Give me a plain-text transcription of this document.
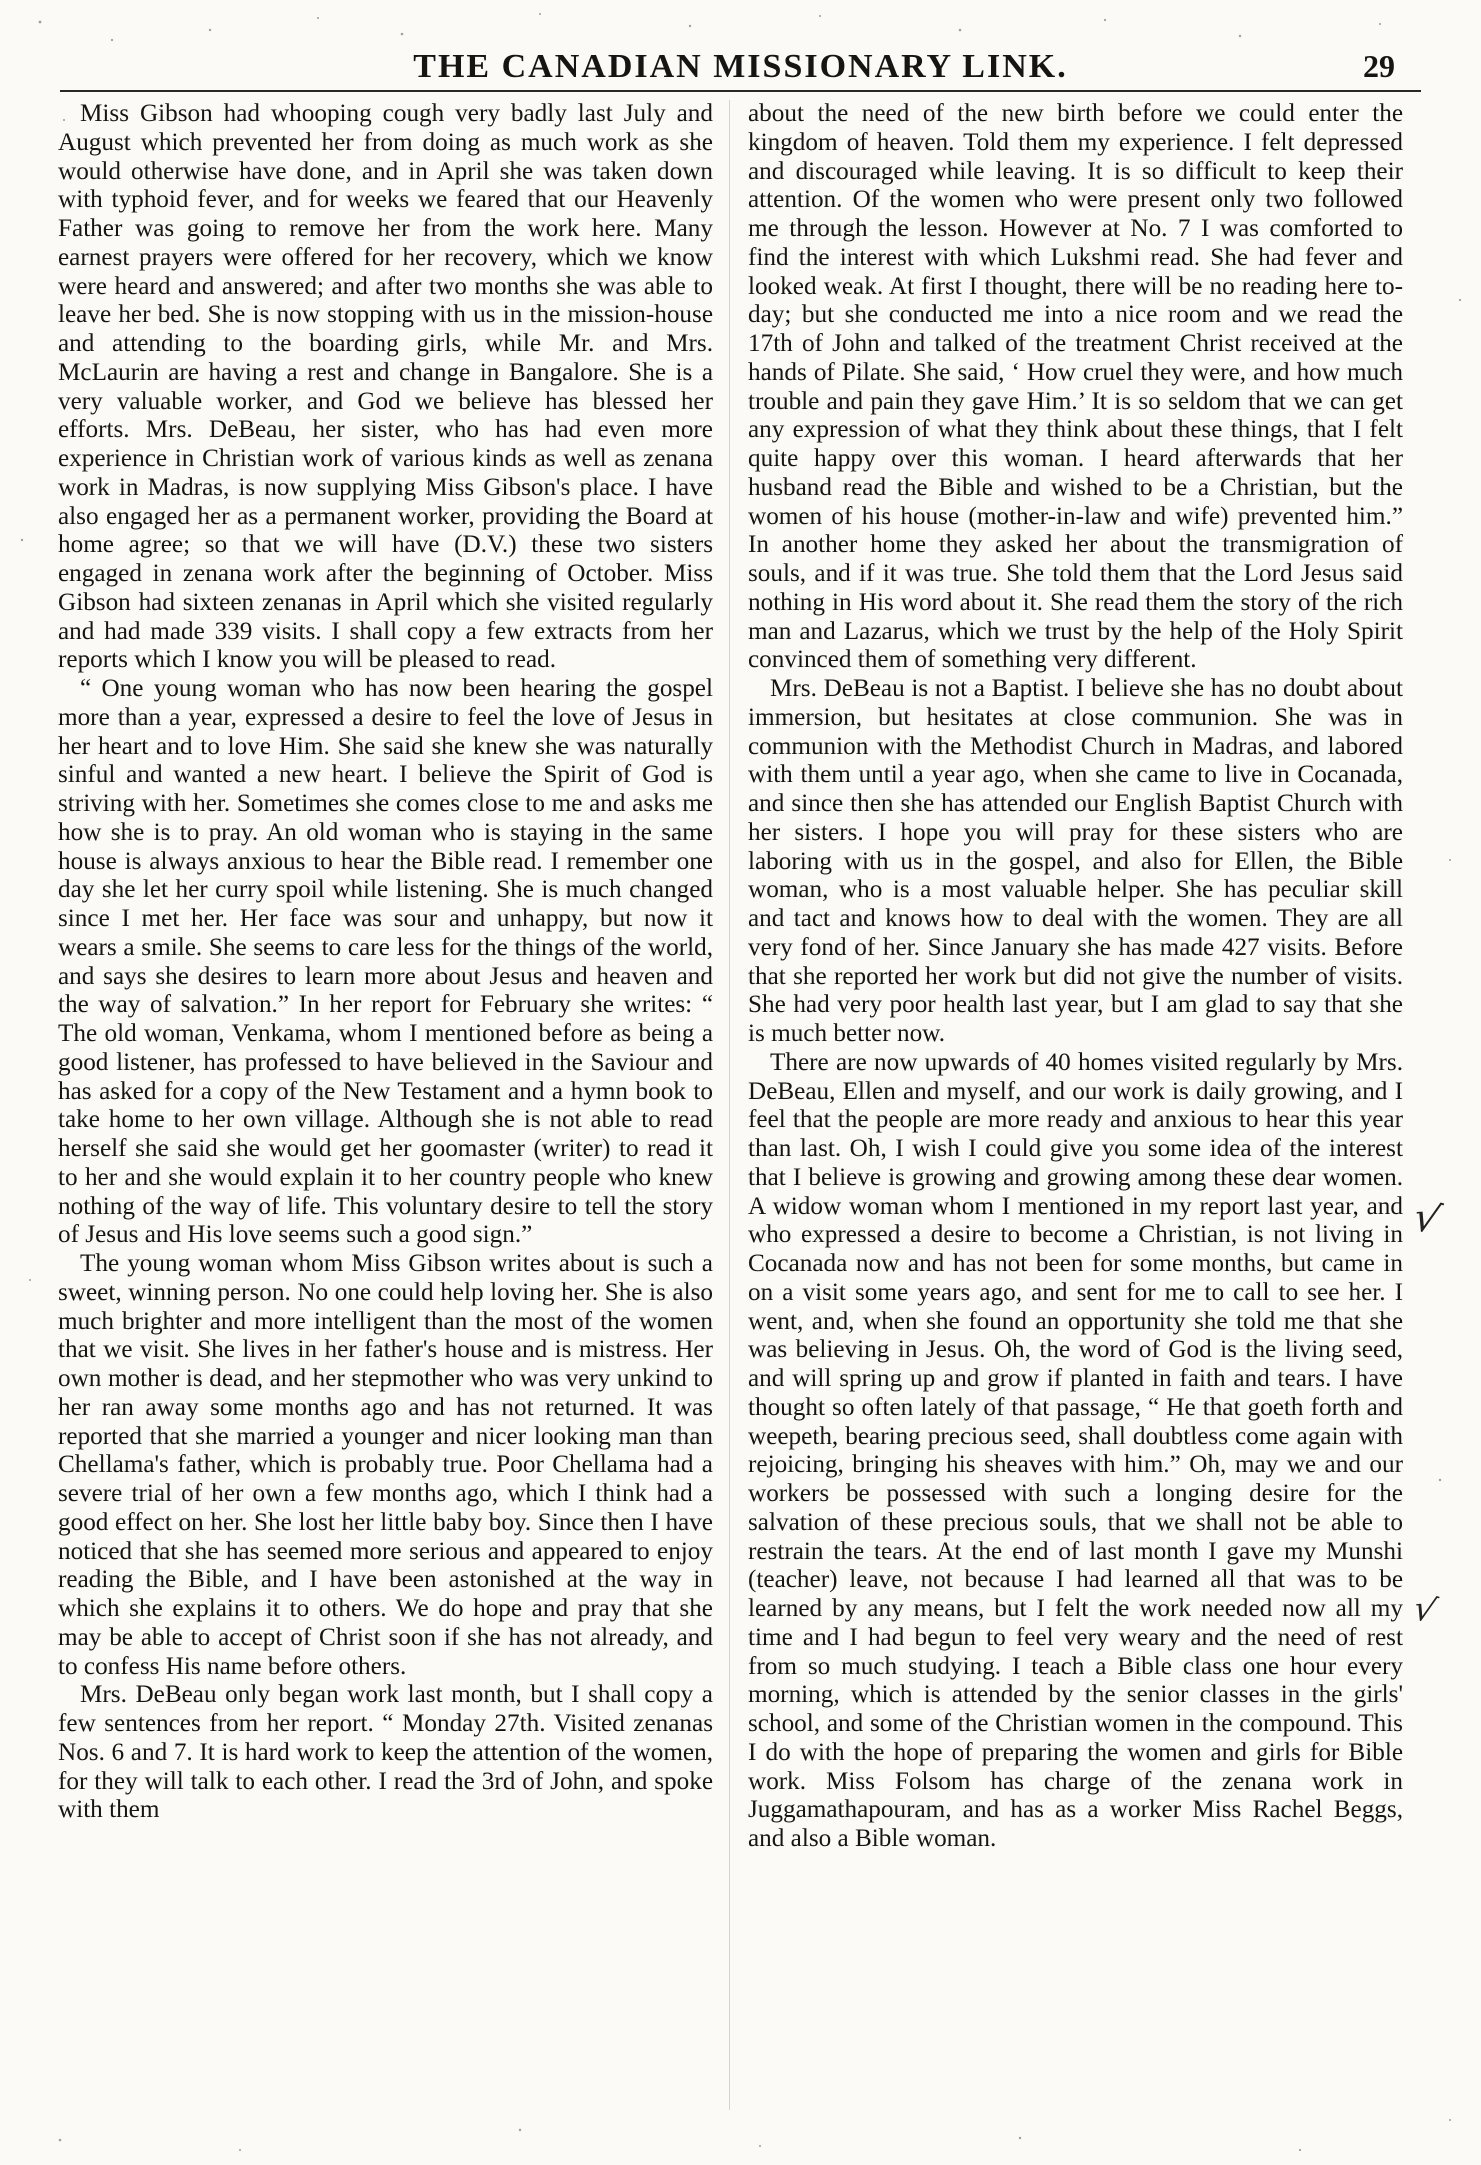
THE CANADIAN MISSIONARY LINK.	29

Miss Gibson had whooping cough very badly last July and August which prevented her from doing as much work as she would otherwise have done, and in April she was taken down with typhoid fever, and for weeks we feared that our Heavenly Father was going to remove her from the work here. Many earnest prayers were offered for her recovery, which we know were heard and answered; and after two months she was able to leave her bed. She is now stopping with us in the mission-house and attending to the boarding girls, while Mr. and Mrs. McLaurin are having a rest and change in Bangalore. She is a very valuable worker, and God we believe has blessed her efforts. Mrs. DeBeau, her sister, who has had even more experience in Christian work of various kinds as well as zenana work in Madras, is now supplying Miss Gibson's place. I have also engaged her as a permanent worker, providing the Board at home agree; so that we will have (D.V.) these two sisters engaged in zenana work after the beginning of October. Miss Gibson had sixteen zenanas in April which she visited regularly and had made 339 visits. I shall copy a few extracts from her reports which I know you will be pleased to read.

“ One young woman who has now been hearing the gospel more than a year, expressed a desire to feel the love of Jesus in her heart and to love Him. She said she knew she was naturally sinful and wanted a new heart. I believe the Spirit of God is striving with her. Sometimes she comes close to me and asks me how she is to pray. An old woman who is staying in the same house is always anxious to hear the Bible read. I remember one day she let her curry spoil while listening. She is much changed since I met her. Her face was sour and unhappy, but now it wears a smile. She seems to care less for the things of the world, and says she desires to learn more about Jesus and heaven and the way of salvation.” In her report for February she writes: “ The old woman, Venkama, whom I mentioned before as being a good listener, has professed to have believed in the Saviour and has asked for a copy of the New Testament and a hymn book to take home to her own village. Although she is not able to read herself she said she would get her goomaster (writer) to read it to her and she would explain it to her country people who knew nothing of the way of life. This voluntary desire to tell the story of Jesus and His love seems such a good sign.”

The young woman whom Miss Gibson writes about is such a sweet, winning person. No one could help loving her. She is also much brighter and more intelligent than the most of the women that we visit. She lives in her father's house and is mistress. Her own mother is dead, and her stepmother who was very unkind to her ran away some months ago and has not returned. It was reported that she married a younger and nicer looking man than Chellama's father, which is probably true. Poor Chellama had a severe trial of her own a few months ago, which I think had a good effect on her. She lost her little baby boy. Since then I have noticed that she has seemed more serious and appeared to enjoy reading the Bible, and I have been astonished at the way in which she explains it to others. We do hope and pray that she may be able to accept of Christ soon if she has not already, and to confess His name before others.

Mrs. DeBeau only began work last month, but I shall copy a few sentences from her report. “ Monday 27th. Visited zenanas Nos. 6 and 7. It is hard work to keep the attention of the women, for they will talk to each other. I read the 3rd of John, and spoke with them

about the need of the new birth before we could enter the kingdom of heaven. Told them my experience. I felt depressed and discouraged while leaving. It is so difficult to keep their attention. Of the women who were present only two followed me through the lesson. However at No. 7 I was comforted to find the interest with which Lukshmi read. She had fever and looked weak. At first I thought, there will be no reading here to-day; but she conducted me into a nice room and we read the 17th of John and talked of the treatment Christ received at the hands of Pilate. She said, ‘ How cruel they were, and how much trouble and pain they gave Him.’ It is so seldom that we can get any expression of what they think about these things, that I felt quite happy over this woman. I heard afterwards that her husband read the Bible and wished to be a Christian, but the women of his house (mother-in-law and wife) prevented him.” In another home they asked her about the transmigration of souls, and if it was true. She told them that the Lord Jesus said nothing in His word about it. She read them the story of the rich man and Lazarus, which we trust by the help of the Holy Spirit convinced them of something very different.

Mrs. DeBeau is not a Baptist. I believe she has no doubt about immersion, but hesitates at close communion. She was in communion with the Methodist Church in Madras, and labored with them until a year ago, when she came to live in Cocanada, and since then she has attended our English Baptist Church with her sisters. I hope you will pray for these sisters who are laboring with us in the gospel, and also for Ellen, the Bible woman, who is a most valuable helper. She has peculiar skill and tact and knows how to deal with the women. They are all very fond of her. Since January she has made 427 visits. Before that she reported her work but did not give the number of visits. She had very poor health last year, but I am glad to say that she is much better now.

There are now upwards of 40 homes visited regularly by Mrs. DeBeau, Ellen and myself, and our work is daily growing, and I feel that the people are more ready and anxious to hear this year than last. Oh, I wish I could give you some idea of the interest that I believe is growing and growing among these dear women. A widow woman whom I mentioned in my report last year, and who expressed a desire to become a Christian, is not living in Cocanada now and has not been for some months, but came in on a visit some years ago, and sent for me to call to see her. I went, and, when she found an opportunity she told me that she was believing in Jesus. Oh, the word of God is the living seed, and will spring up and grow if planted in faith and tears. I have thought so often lately of that passage, “ He that goeth forth and weepeth, bearing precious seed, shall doubtless come again with rejoicing, bringing his sheaves with him.” Oh, may we and our workers be possessed with such a longing desire for the salvation of these precious souls, that we shall not be able to restrain the tears. At the end of last month I gave my Munshi (teacher) leave, not because I had learned all that was to be learned by any means, but I felt the work needed now all my time and I had begun to feel very weary and the need of rest from so much studying. I teach a Bible class one hour every morning, which is attended by the senior classes in the girls' school, and some of the Christian women in the compound. This I do with the hope of preparing the women and girls for Bible work. Miss Folsom has charge of the zenana work in Juggamathapouram, and has as a worker Miss Rachel Beggs, and also a Bible woman.

√
√
